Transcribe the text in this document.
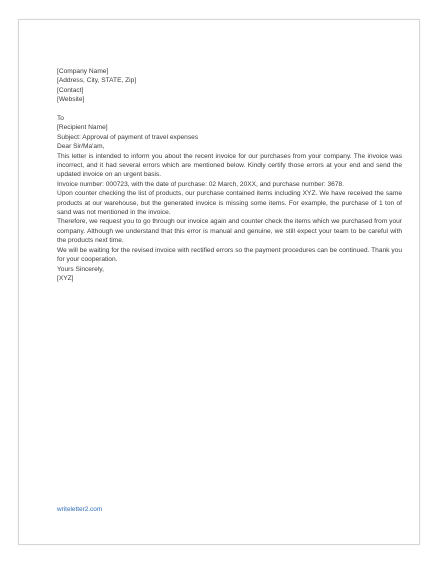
[Company Name]

[Address, City, STATE, Zip]

[Contact]

[Website]

To

[Recipient Name]

Subject: Approval of payment of travel expenses

Dear Sir/Ma'am,

This letter is intended to inform you about the recent invoice for our purchases from your company. The invoice was incorrect, and it had several errors which are mentioned below. Kindly certify those errors at your end and send the updated invoice on an urgent basis.

Invoice number: 000723, with the date of purchase: 02 March, 20XX, and purchase number: 3678.

Upon counter checking the list of products, our purchase contained items including XYZ. We have received the same products at our warehouse, but the generated invoice is missing some items. For example, the purchase of 1 ton of sand was not mentioned in the invoice.

Therefore, we request you to go through our invoice again and counter check the items which we purchased from your company. Although we understand that this error is manual and genuine, we still expect your team to be careful with the products next time.

We will be waiting for the revised invoice with rectified errors so the payment procedures can be continued. Thank you for your cooperation.

Yours Sincerely,

[XYZ]

writeletter2.com
